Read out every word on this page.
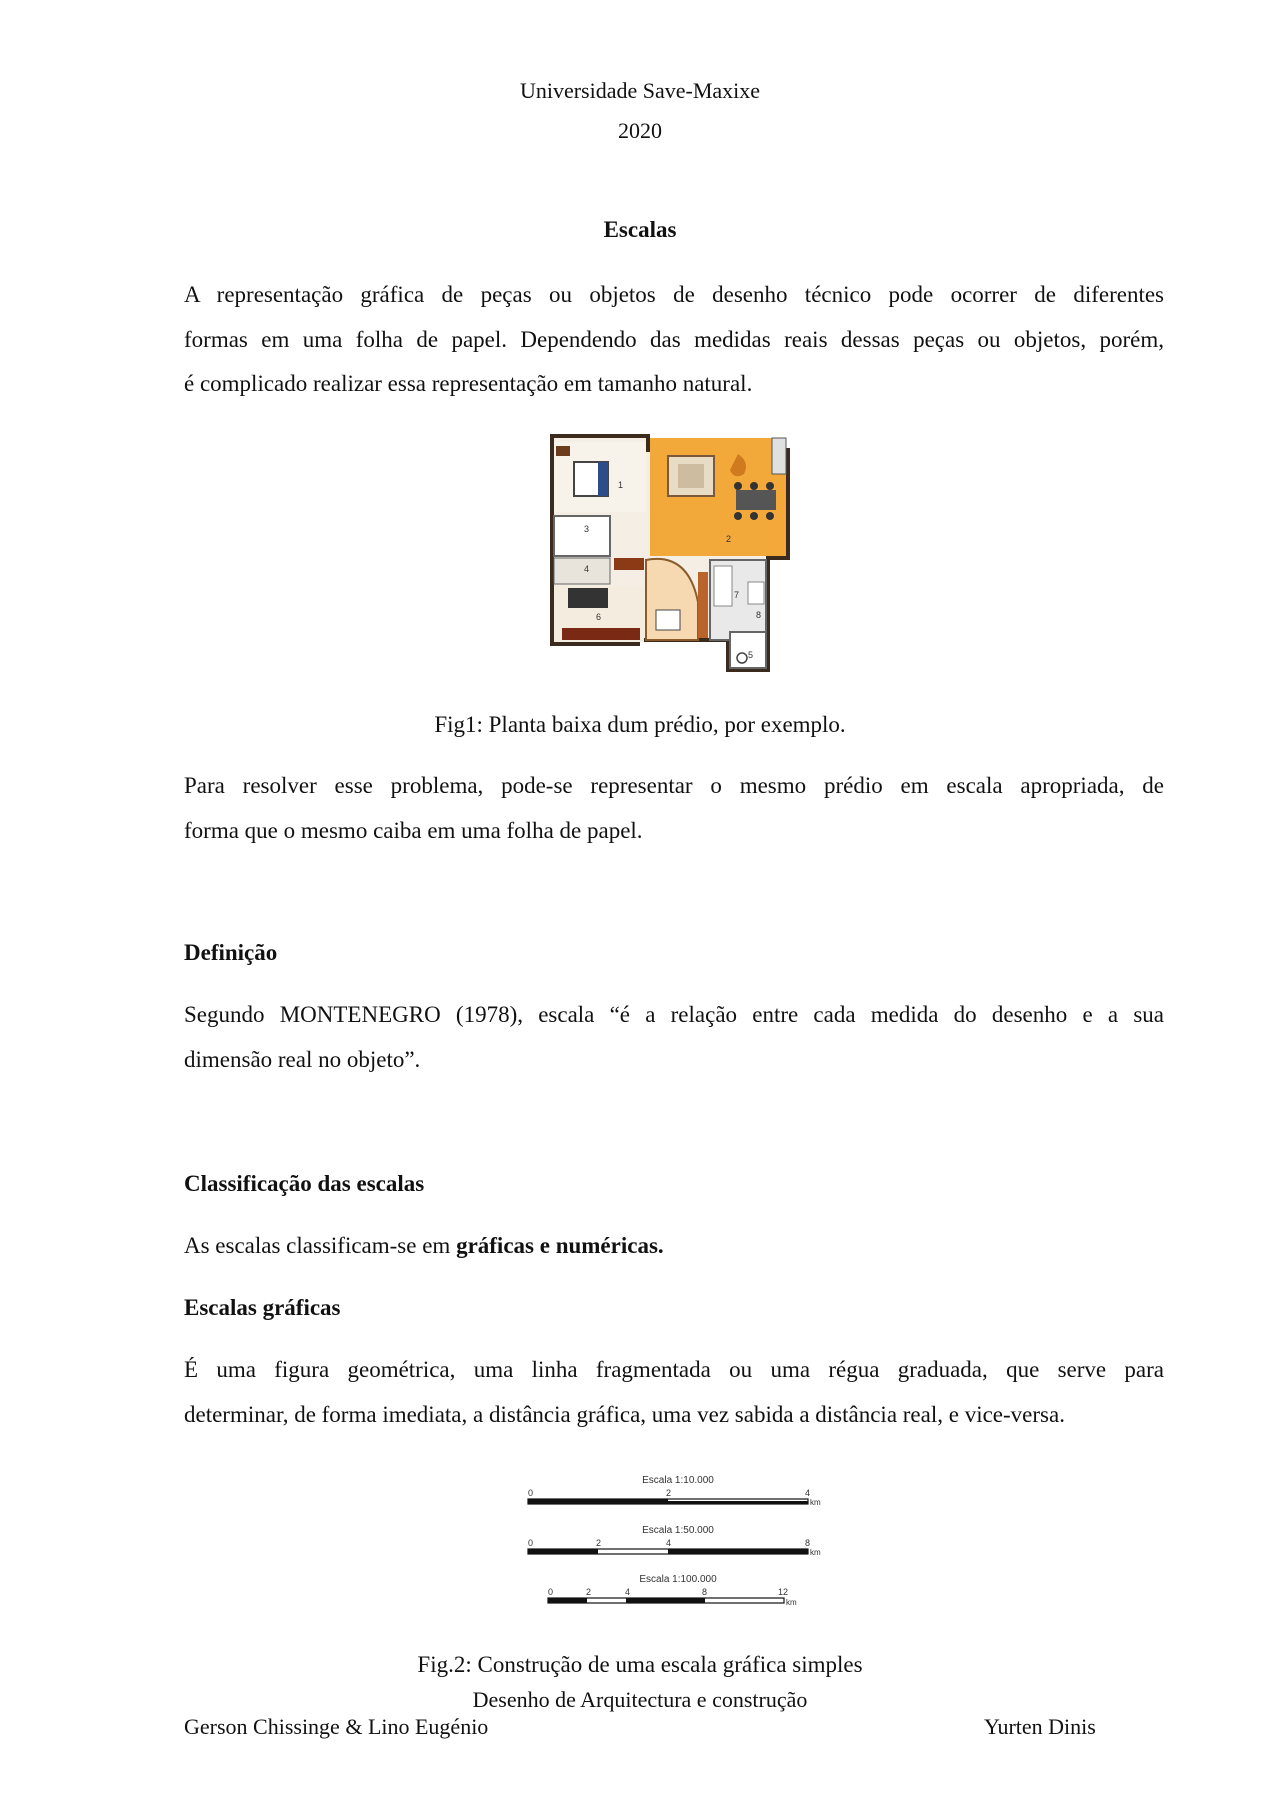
Universidade Save-Maxixe
2020
Escalas
A representação gráfica de peças ou objetos de desenho técnico pode ocorrer de diferentes
formas em uma folha de papel. Dependendo das medidas reais dessas peças ou objetos, porém,
é complicado realizar essa representação em tamanho natural.
1
2
3
4
5
6
7
8
Fig1: Planta baixa dum prédio, por exemplo.
Para resolver esse problema, pode-se representar o mesmo prédio em escala apropriada, de
forma que o mesmo caiba em uma folha de papel.
Definição
Segundo MONTENEGRO (1978), escala “é a relação entre cada medida do desenho e a sua
dimensão real no objeto”.
Classificação das escalas
As escalas classificam-se em gráficas e numéricas.
Escalas gráficas
É uma figura geométrica, uma linha fragmentada ou uma régua graduada, que serve para
determinar, de forma imediata, a distância gráfica, uma vez sabida a distância real, e vice-versa.
Escala 1:10.000
0	2	4
km
Escala 1:50.000
0	2	4	8
km
Escala 1:100.000
0	2	4	8	12
km
Fig.2: Construção de uma escala gráfica simples
Desenho de Arquitectura e construção
Gerson Chissinge & Lino Eugénio	Yurten Dinis
